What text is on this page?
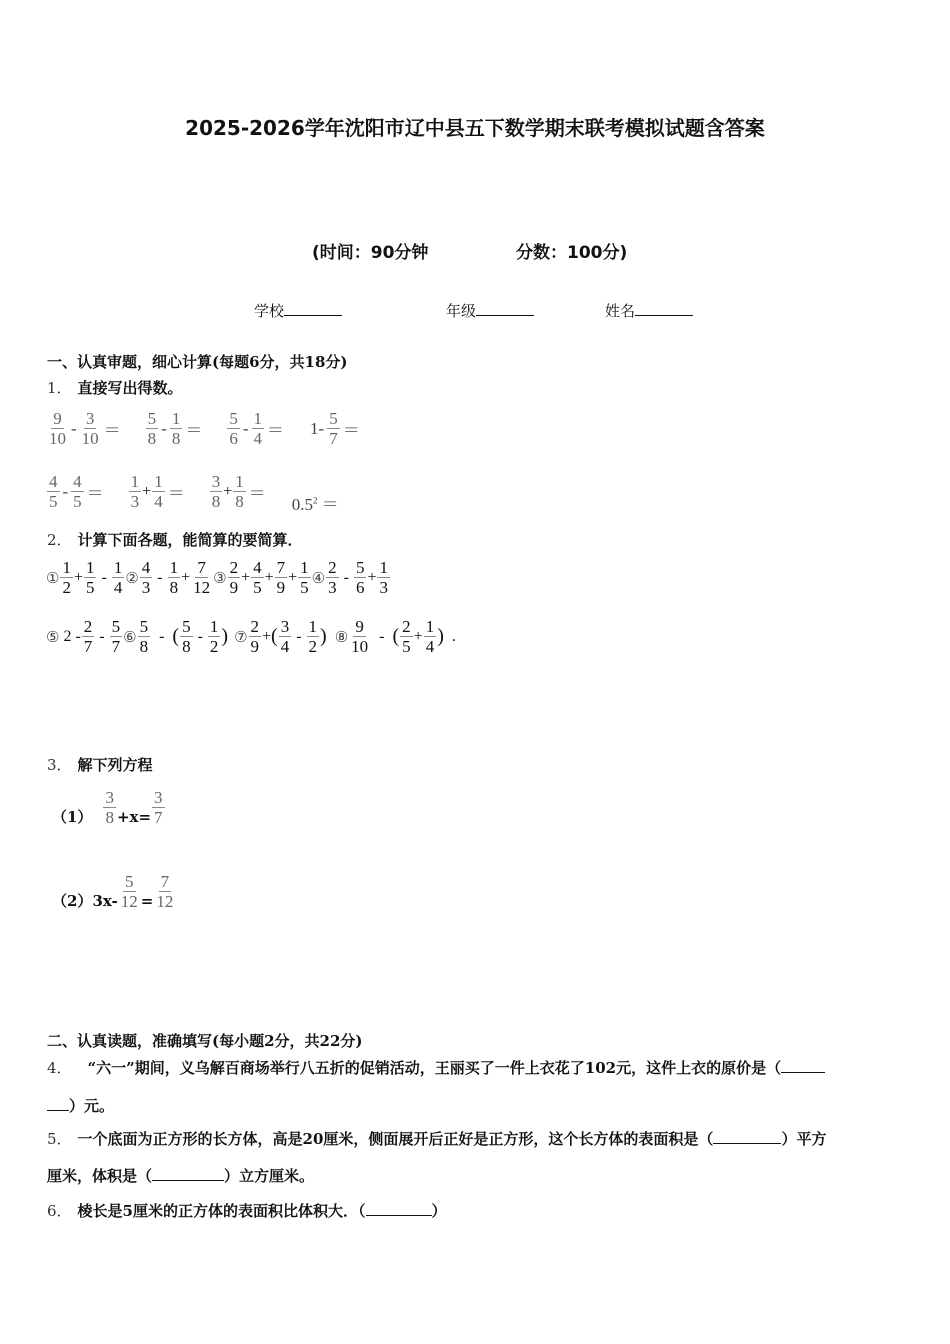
2025-2026学年沈阳市辽中县五下数学期末联考模拟试题含答案
(时间：90分钟	分数：100分)
学校	年级	姓名
一、认真审题，细心计算(每题6分，共18分)
1． 直接写出得数。
$\frac{9}{10} - \frac{3}{10} = \frac{5}{8} - \frac{1}{8} = \frac{5}{6} - \frac{1}{4} = 1- \frac{5}{7}$ ＝
$\frac{4}{5} - \frac{4}{5} = \frac{1}{3} + \frac{1}{4} = \frac{3}{8} + \frac{1}{8}$ ＝
$0.5^2$ ＝
2． 计算下面各题，能简算的要简算．
① $\frac{1}{2} + \frac{1}{5} - \frac{1}{4}$ ② $\frac{4}{3} - \frac{1}{8} + \frac{7}{12}$ ③ $\frac{2}{9} + \frac{4}{5} + \frac{7}{9} + \frac{1}{5}$ ④ $\frac{2}{3} - \frac{5}{6} + \frac{1}{3}$
⑤ $2 - \frac{2}{7} - \frac{5}{7}$ ⑥ $\frac{5}{8}$ - ( $\frac{5}{8} - \frac{1}{2}$ ) ⑦ $\frac{2}{9}$ + ( $\frac{3}{4} - \frac{1}{2}$ ) ⑧ $\frac{9}{10}$ - ( $\frac{2}{5} + \frac{1}{4}$ ) .
3． 解下列方程
$(1) \frac{3}{8} +x= \frac{3}{7}$
（2） $3x- \frac{5}{12} = \frac{7}{12}$
二、认真读题，准确填写(每小题2分，共22分)
4． “六一”期间，义乌解百商场举行八五折的促销活动，王丽买了一件上衣花了102元，这件上衣的原价是（
）元。
5． 一个底面为正方形的长方体，高是20厘米，侧面展开后正好是正方形，这个长方体的表面积是（	）平方
厘米，体积是（	）立方厘米。
6． 棱长是5厘米的正方体的表面积比体积大．（	）
